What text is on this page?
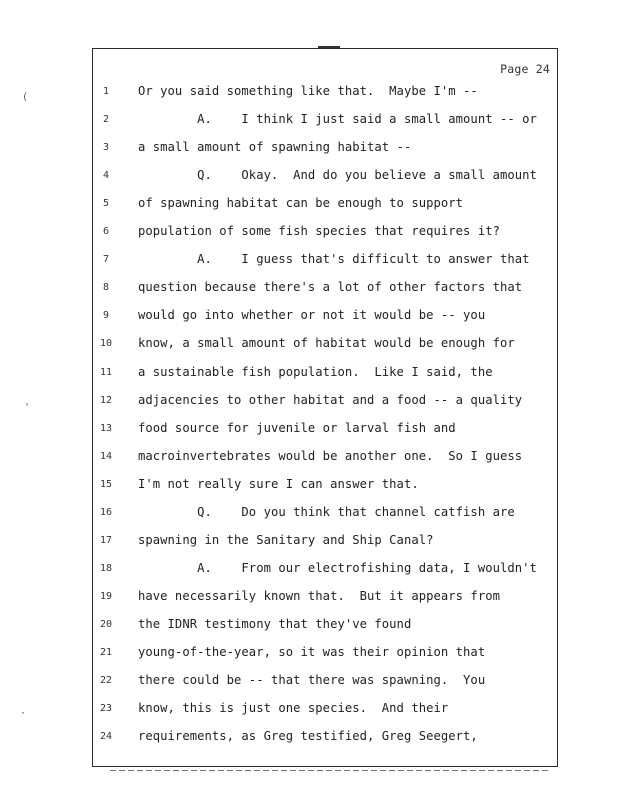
(
'
·
Page 24
1	Or you said something like that.  Maybe I'm --
2	A.    I think I just said a small amount -- or
3	a small amount of spawning habitat --
4	Q.    Okay.  And do you believe a small amount
5	of spawning habitat can be enough to support
6	population of some fish species that requires it?
7	A.    I guess that's difficult to answer that
8	question because there's a lot of other factors that
9	would go into whether or not it would be -- you
10	know, a small amount of habitat would be enough for
11	a sustainable fish population.  Like I said, the
12	adjacencies to other habitat and a food -- a quality
13	food source for juvenile or larval fish and
14	macroinvertebrates would be another one.  So I guess
15	I'm not really sure I can answer that.
16	Q.    Do you think that channel catfish are
17	spawning in the Sanitary and Ship Canal?
18	A.    From our electrofishing data, I wouldn't
19	have necessarily known that.  But it appears from
20	the IDNR testimony that they've found
21	young-of-the-year, so it was their opinion that
22	there could be -- that there was spawning.  You
23	know, this is just one species.  And their
24	requirements, as Greg testified, Greg Seegert,
